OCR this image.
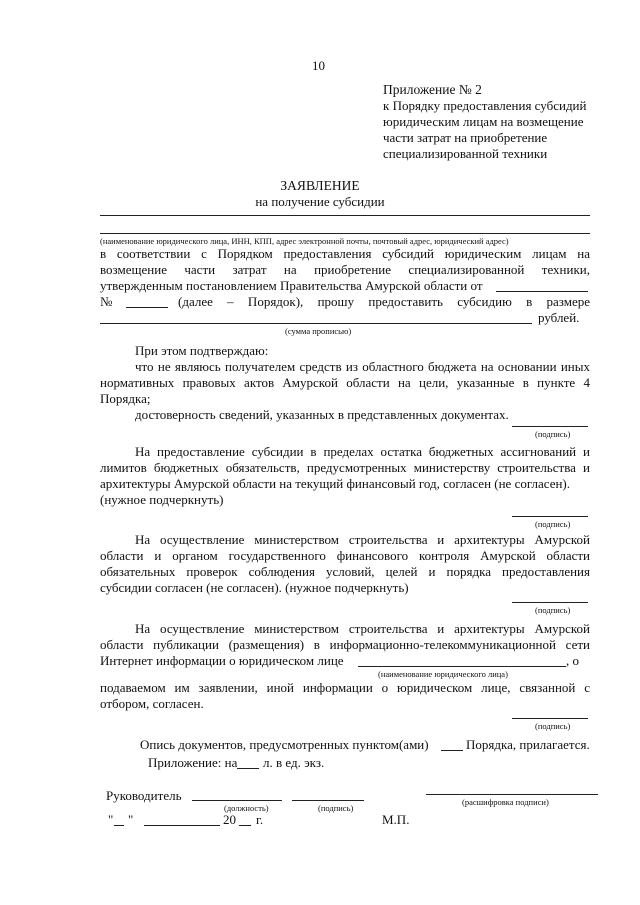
10
Приложение № 2
к Порядку предоставления субсидий
юридическим лицам на возмещение
части затрат на приобретение
специализированной техники
ЗАЯВЛЕНИЕ
на получение субсидии
(наименование юридического лица, ИНН, КПП, адрес электронной почты, почтовый адрес, юридический адрес)
в соответствии с Порядком предоставления субсидий юридическим лицам на
возмещение части затрат на приобретение специализированной техники,
утвержденным постановлением Правительства Амурской области от
№	(далее – Порядок), прошу предоставить субсидию в размере
рублей.
(сумма прописью)
При этом подтверждаю:
что не являюсь получателем средств из областного бюджета на основании иных
нормативных правовых актов Амурской области на цели, указанные в пункте 4
Порядка;
достоверность сведений, указанных в представленных документах.
(подпись)
На предоставление субсидии в пределах остатка бюджетных ассигнований и
лимитов бюджетных обязательств, предусмотренных министерству строительства и
архитектуры Амурской области на текущий финансовый год, согласен (не согласен).
(нужное подчеркнуть)
(подпись)
На осуществление министерством строительства и архитектуры Амурской
области и органом государственного финансового контроля Амурской области
обязательных проверок соблюдения условий, целей и порядка предоставления
субсидии согласен (не согласен). (нужное подчеркнуть)
(подпись)
На осуществление министерством строительства и архитектуры Амурской
области публикации (размещения) в информационно-телекоммуникационной сети
Интернет информации о юридическом лице	, о
(наименование юридического лица)
подаваемом им заявлении, иной информации о юридическом лице, связанной с
отбором, согласен.
(подпись)
Опись документов, предусмотренных пунктом(ами)	Порядка, прилагается.
Приложение: на л. в ед. экз.
Руководитель
(должность)	(подпись)
(расшифровка подписи)
" "	20 г.	М.П.
